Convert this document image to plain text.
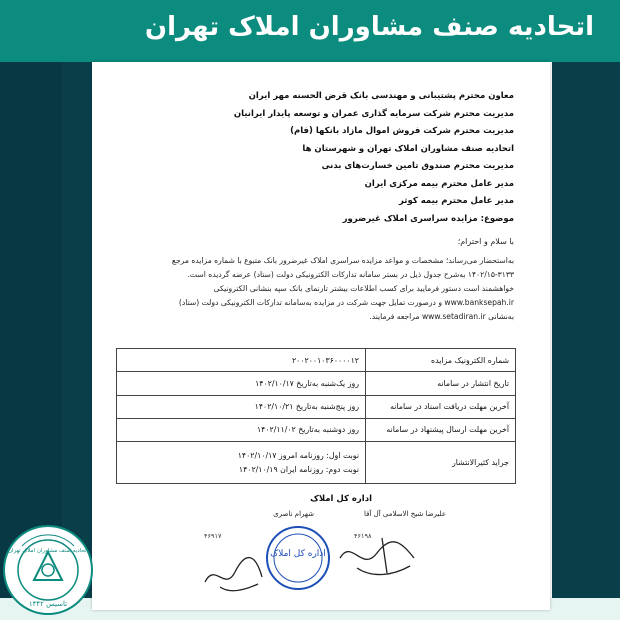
اتحادیه صنف مشاوران املاک تهران
معاون محترم پشتیبانی و مهندسی بانک قرض الحسنه مهر ایران
مدیریت محترم شرکت سرمایه گذاری عمران و توسعه پایدار ایرانیان
مدیریت محترم شرکت فروش اموال مازاد بانکها (فام)
اتحادیه صنف مشاوران املاک تهران و شهرستان ها
مدیریت محترم صندوق تامین خسارت‌های بدنی
مدیر عامل محترم بیمه مرکزی ایران
مدیر عامل محترم بیمه کوثر
موضوع: مزایده سراسری املاک غیرضرور
با سلام و احترام؛
به‌استحضار می‌رساند؛ مشخصات و مواعد مزایده سراسری املاک غیرضرور بانک متبوع با شماره مزایده مرجع
۱۴۰۲/۱۵-۳۱۳۳ به‌شرح جدول ذیل در بستر سامانه تدارکات الکترونیکی دولت (ستاد) عرضه گردیده است.
خواهشمند است دستور فرمایید برای کسب اطلاعات بیشتر تارنمای بانک سپه بنشانی الکترونیکی
www.banksepah.ir و درصورت تمایل جهت شرکت در مزایده به‌سامانه تدارکات الکترونیکی دولت (ستاد)
به‌نشانی www.setadiran.ir مراجعه فرمایند.
شماره الکترونیک مزایده	۲۰۰۲۰۰۱۰۳۶۰۰۰۰۱۲
تاریخ انتشار در سامانه	روز یک‌شنبه به‌تاریخ ۱۴۰۲/۱۰/۱۷
آخرین مهلت دریافت اسناد در سامانه	روز پنج‌شنبه به‌تاریخ ۱۴۰۲/۱۰/۲۱
آخرین مهلت ارسال پیشنهاد در سامانه	روز دوشنبه به‌تاریخ ۱۴۰۲/۱۱/۰۲
جراید کثیرالانتشار	نوبت اول: روزنامه امروز ۱۴۰۲/۱۰/۱۷
نوبت دوم: روزنامه ایران ۱۴۰۲/۱۰/۱۹
اداره کل املاک
علیرضا شیخ الاسلامی آل آقا
شهرام ناصری
۴۶۱۹۸
۴۶۹۱۷
اداره کل املاک
اتحادیه صنف مشاوران املاک تهران
تاسیس ۱۳۴۲
